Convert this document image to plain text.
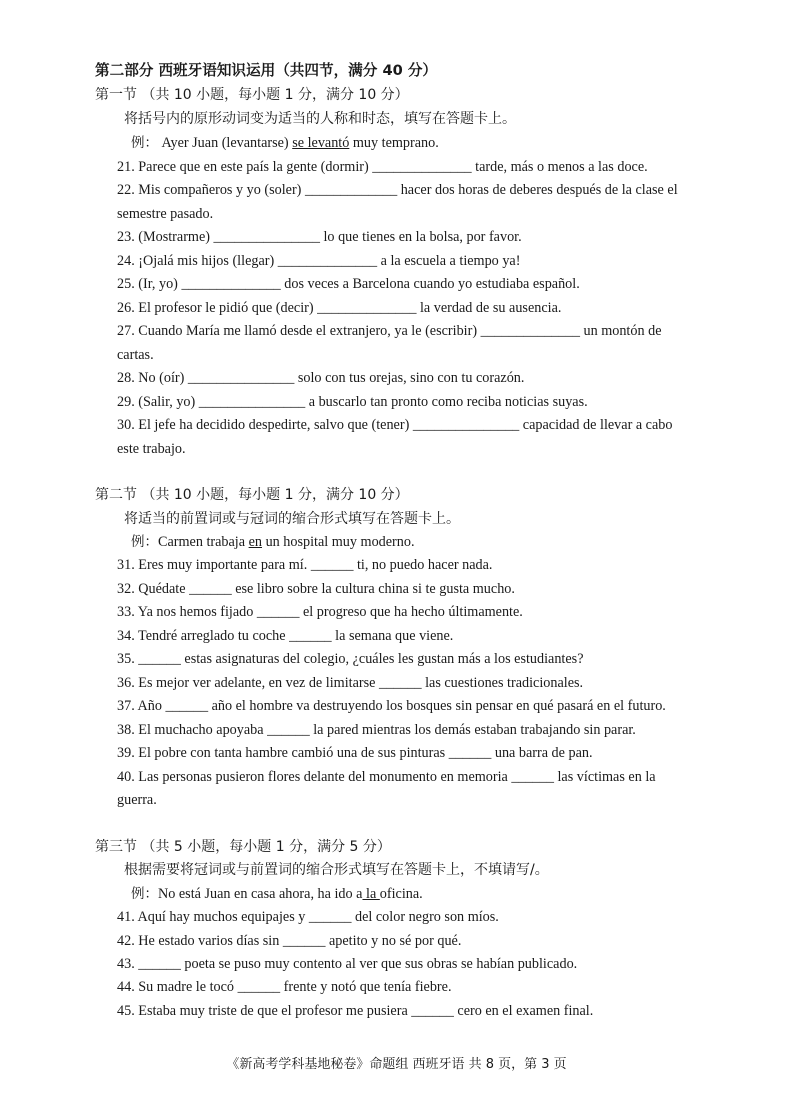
第二部分 西班牙语知识运用（共四节，满分 40 分）
第一节 （共 10 小题，每小题 1 分，满分 10 分）
将括号内的原形动词变为适当的人称和时态，填写在答题卡上。
例： Ayer Juan (levantarse) se levantó muy temprano.
21. Parece que en este país la gente (dormir) ______________ tarde, más o menos a las doce.
22. Mis compañeros y yo (soler) _____________ hacer dos horas de deberes después de la clase el
semestre pasado.
23. (Mostrarme) _______________ lo que tienes en la bolsa, por favor.
24. ¡Ojalá mis hijos (llegar) ______________ a la escuela a tiempo ya!
25. (Ir, yo) ______________ dos veces a Barcelona cuando yo estudiaba español.
26. El profesor le pidió que (decir) ______________ la verdad de su ausencia.
27. Cuando María me llamó desde el extranjero, ya le (escribir) ______________ un montón de
cartas.
28. No (oír) _______________ solo con tus orejas, sino con tu corazón.
29. (Salir, yo) _______________ a buscarlo tan pronto como reciba noticias suyas.
30. El jefe ha decidido despedirte, salvo que (tener) _______________ capacidad de llevar a cabo
este trabajo.
第二节 （共 10 小题，每小题 1 分，满分 10 分）
将适当的前置词或与冠词的缩合形式填写在答题卡上。
例：Carmen trabaja en un hospital muy moderno.
31. Eres muy importante para mí. ______ ti, no puedo hacer nada.
32. Quédate ______ ese libro sobre la cultura china si te gusta mucho.
33. Ya nos hemos fijado ______ el progreso que ha hecho últimamente.
34. Tendré arreglado tu coche ______ la semana que viene.
35. ______ estas asignaturas del colegio, ¿cuáles les gustan más a los estudiantes?
36. Es mejor ver adelante, en vez de limitarse ______ las cuestiones tradicionales.
37. Año ______ año el hombre va destruyendo los bosques sin pensar en qué pasará en el futuro.
38. El muchacho apoyaba ______ la pared mientras los demás estaban trabajando sin parar.
39. El pobre con tanta hambre cambió una de sus pinturas ______ una barra de pan.
40. Las personas pusieron flores delante del monumento en memoria ______ las víctimas en la
guerra.
第三节 （共 5 小题，每小题 1 分，满分 5 分）
根据需要将冠词或与前置词的缩合形式填写在答题卡上，不填请写/。
例：No está Juan en casa ahora, ha ido a la oficina.
41. Aquí hay muchos equipajes y ______ del color negro son míos.
42. He estado varios días sin ______ apetito y no sé por qué.
43. ______ poeta se puso muy contento al ver que sus obras se habían publicado.
44. Su madre le tocó ______ frente y notó que tenía fiebre.
45. Estaba muy triste de que el profesor me pusiera ______ cero en el examen final.
《新高考学科基地秘卷》命题组 西班牙语 共 8 页，第 3 页
